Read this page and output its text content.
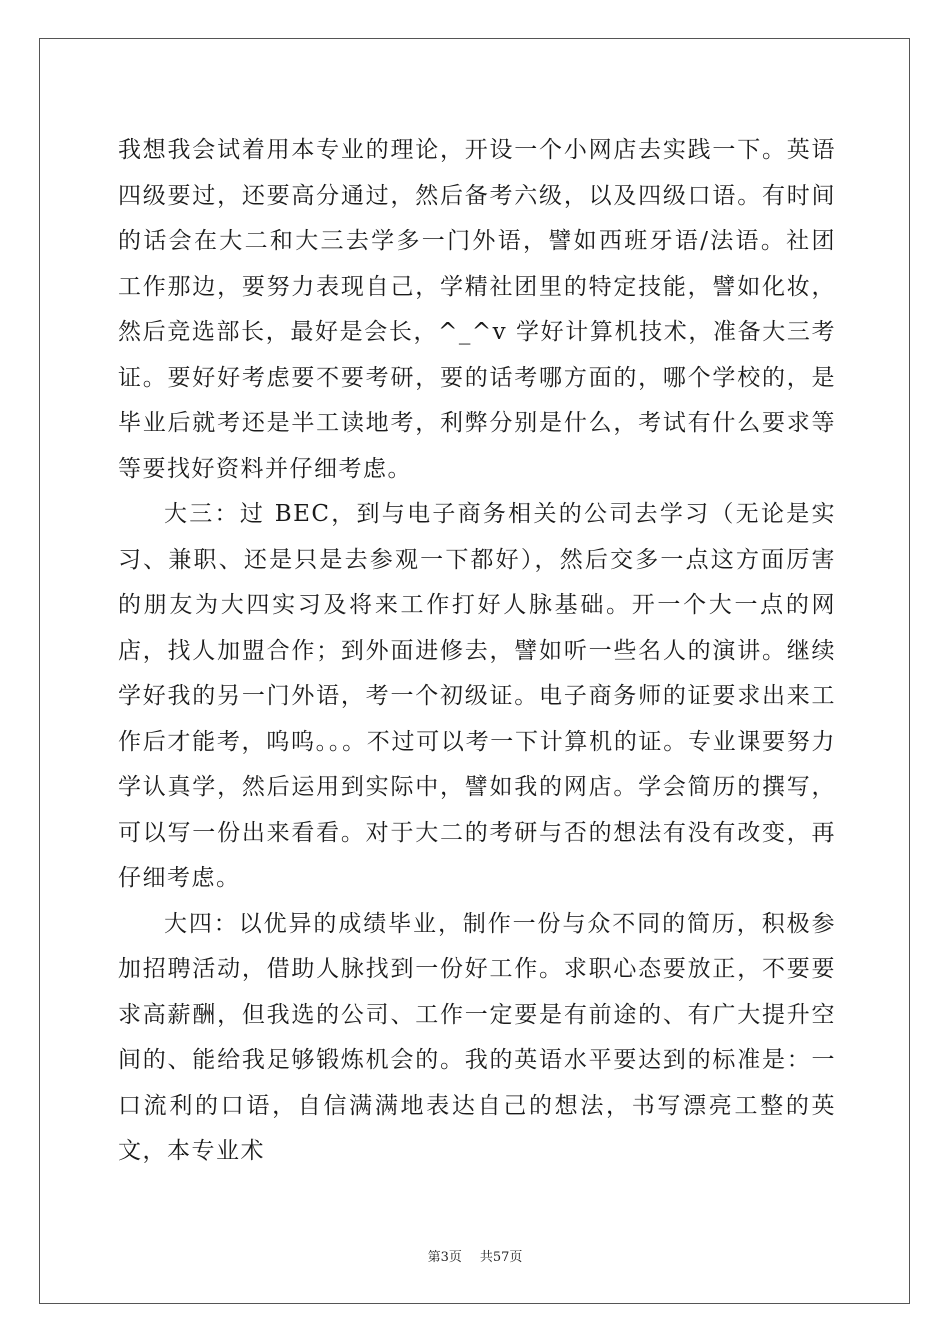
我想我会试着用本专业的理论，开设一个小网店去实践一下。英语四级要过，还要高分通过，然后备考六级，以及四级口语。有时间的话会在大二和大三去学多一门外语，譬如西班牙语/法语。社团工作那边，要努力表现自己，学精社团里的特定技能，譬如化妆，然后竞选部长，最好是会长，^_^v 学好计算机技术，准备大三考证。要好好考虑要不要考研，要的话考哪方面的，哪个学校的，是毕业后就考还是半工读地考，利弊分别是什么，考试有什么要求等等要找好资料并仔细考虑。

大三：过 BEC，到与电子商务相关的公司去学习（无论是实习、兼职、还是只是去参观一下都好），然后交多一点这方面厉害的朋友为大四实习及将来工作打好人脉基础。开一个大一点的网店，找人加盟合作；到外面进修去，譬如听一些名人的演讲。继续学好我的另一门外语，考一个初级证。电子商务师的证要求出来工作后才能考，呜呜。。。不过可以考一下计算机的证。专业课要努力学认真学，然后运用到实际中，譬如我的网店。学会简历的撰写，可以写一份出来看看。对于大二的考研与否的想法有没有改变，再仔细考虑。

大四：以优异的成绩毕业，制作一份与众不同的简历，积极参加招聘活动，借助人脉找到一份好工作。求职心态要放正，不要要求高薪酬，但我选的公司、工作一定要是有前途的、有广大提升空间的、能给我足够锻炼机会的。我的英语水平要达到的标准是：一口流利的口语，自信满满地表达自己的想法，书写漂亮工整的英文，本专业术

第3页 共57页
